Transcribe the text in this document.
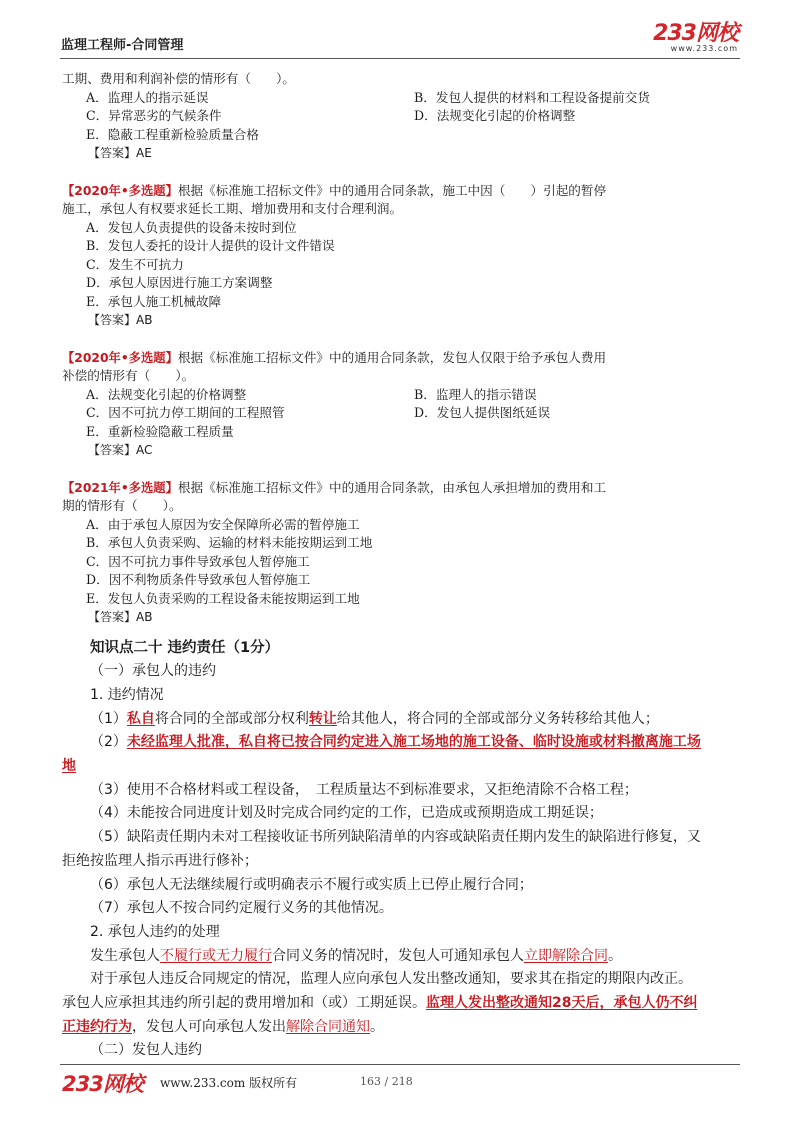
监理工程师-合同管理	233网校
www.233.com
工期、费用和利润补偿的情形有（　　）。
A．监理人的指示延误	B．发包人提供的材料和工程设备提前交货
C．异常恶劣的气候条件	D．法规变化引起的价格调整
E．隐蔽工程重新检验质量合格
【答案】AE
【2020年•多选题】根据《标准施工招标文件》中的通用合同条款，施工中因（　　）引起的暂停
施工，承包人有权要求延长工期、增加费用和支付合理利润。
A．发包人负责提供的设备未按时到位
B．发包人委托的设计人提供的设计文件错误
C．发生不可抗力
D．承包人原因进行施工方案调整
E．承包人施工机械故障
【答案】AB
【2020年•多选题】根据《标准施工招标文件》中的通用合同条款，发包人仅限于给予承包人费用
补偿的情形有（　　）。
A．法规变化引起的价格调整	B．监理人的指示错误
C．因不可抗力停工期间的工程照管	D．发包人提供图纸延误
E．重新检验隐蔽工程质量
【答案】AC
【2021年•多选题】根据《标准施工招标文件》中的通用合同条款，由承包人承担增加的费用和工
期的情形有（　　）。
A．由于承包人原因为安全保障所必需的暂停施工
B．承包人负责采购、运输的材料未能按期运到工地
C．因不可抗力事件导致承包人暂停施工
D．因不利物质条件导致承包人暂停施工
E．发包人负责采购的工程设备未能按期运到工地
【答案】AB
知识点二十 违约责任（1分）
（一）承包人的违约
1. 违约情况
（1）私自将合同的全部或部分权利转让给其他人，将合同的全部或部分义务转移给其他人；
（2）未经监理人批准，私自将已按合同约定进入施工场地的施工设备、临时设施或材料撤离施工场
地
（3）使用不合格材料或工程设备，　工程质量达不到标准要求，又拒绝清除不合格工程；
（4）未能按合同进度计划及时完成合同约定的工作，已造成或预期造成工期延误；
（5）缺陷责任期内未对工程接收证书所列缺陷清单的内容或缺陷责任期内发生的缺陷进行修复，又
拒绝按监理人指示再进行修补；
（6）承包人无法继续履行或明确表示不履行或实质上已停止履行合同；
（7）承包人不按合同约定履行义务的其他情况。
2. 承包人违约的处理
发生承包人不履行或无力履行合同义务的情况时，发包人可通知承包人立即解除合同。
对于承包人违反合同规定的情况，监理人应向承包人发出整改通知，要求其在指定的期限内改正。
承包人应承担其违约所引起的费用增加和（或）工期延误。监理人发出整改通知28天后，承包人仍不纠
正违约行为，发包人可向承包人发出解除合同通知。
（二）发包人违约
233网校 www.233.com 版权所有	163 / 218
